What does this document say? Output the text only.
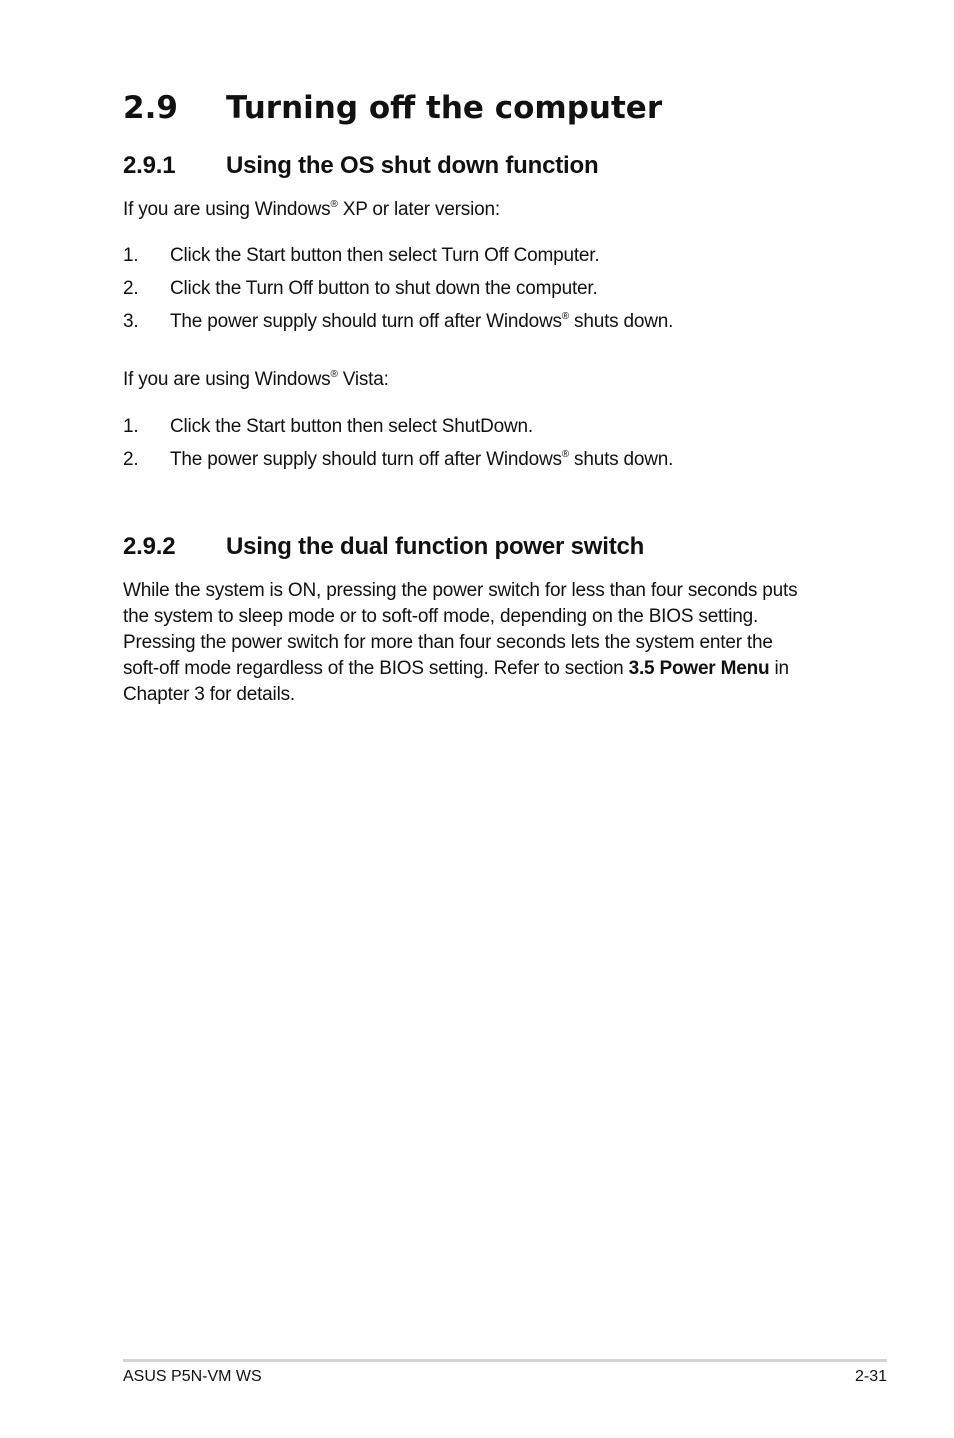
2.9 Turning off the computer
2.9.1 Using the OS shut down function

If you are using Windows® XP or later version:

1. Click the Start button then select Turn Off Computer.
2. Click the Turn Off button to shut down the computer.
3. The power supply should turn off after Windows® shuts down.

If you are using Windows® Vista:

1. Click the Start button then select ShutDown.
2. The power supply should turn off after Windows® shuts down.
2.9.2 Using the dual function power switch
While the system is ON, pressing the power switch for less than four seconds puts
the system to sleep mode or to soft-off mode, depending on the BIOS setting.
Pressing the power switch for more than four seconds lets the system enter the
soft-off mode regardless of the BIOS setting. Refer to section 3.5 Power Menu in
Chapter 3 for details.
ASUS P5N-VM WS	2-31
